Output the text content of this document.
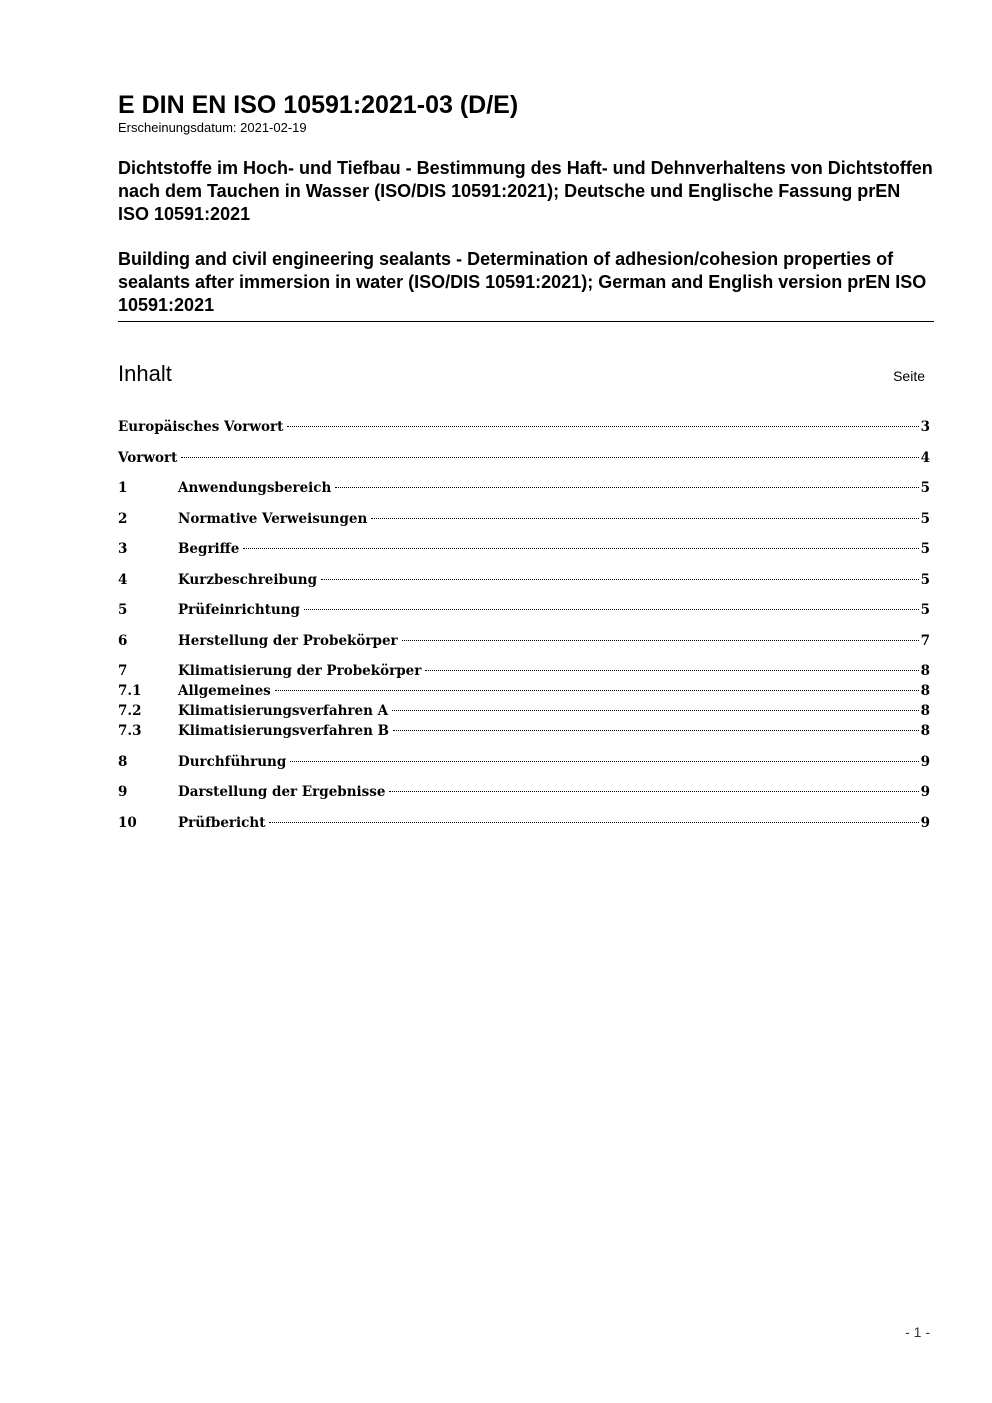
E DIN EN ISO 10591:2021-03 (D/E)

Erscheinungsdatum: 2021-02-19

Dichtstoffe im Hoch- und Tiefbau - Bestimmung des Haft- und Dehnverhaltens von Dichtstoffen nach dem Tauchen in Wasser (ISO/DIS 10591:2021); Deutsche und Englische Fassung prEN ISO 10591:2021

Building and civil engineering sealants - Determination of adhesion/cohesion properties of sealants after immersion in water (ISO/DIS 10591:2021); German and English version prEN ISO 10591:2021

Inhalt	Seite
Europäisches Vorwort	3
Vorwort	4
1	Anwendungsbereich	5
2	Normative Verweisungen	5
3	Begriffe	5
4	Kurzbeschreibung	5
5	Prüfeinrichtung	5
6	Herstellung der Probekörper	7
7	Klimatisierung der Probekörper	8
7.1	Allgemeines	8
7.2	Klimatisierungsverfahren A	8
7.3	Klimatisierungsverfahren B	8
8	Durchführung	9
9	Darstellung der Ergebnisse	9
10	Prüfbericht	9
- 1 -
